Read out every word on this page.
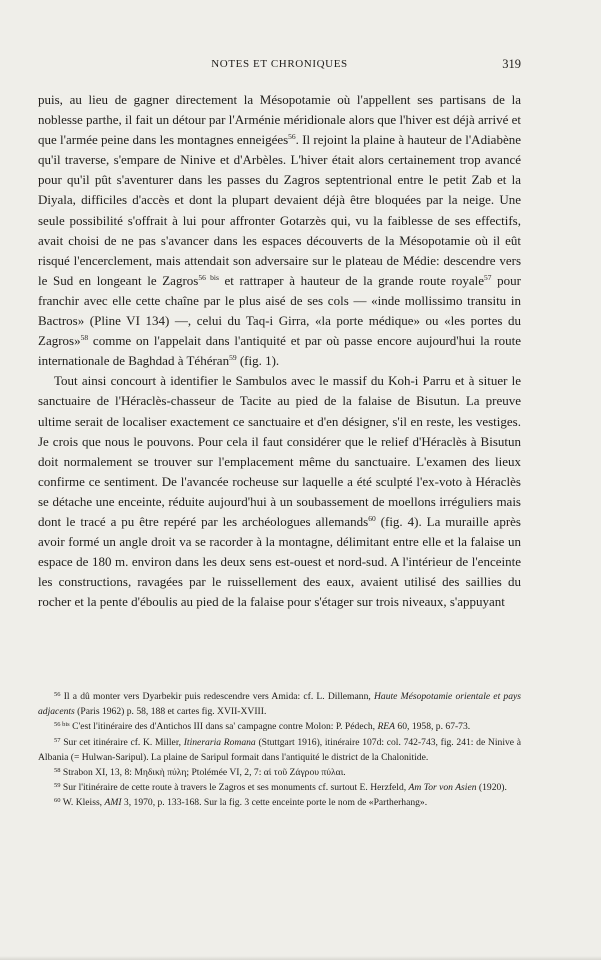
NOTES ET CHRONIQUES	319

puis, au lieu de gagner directement la Mésopotamie où l'appellent ses partisans de la noblesse parthe, il fait un détour par l'Arménie méridionale alors que l'hiver est déjà arrivé et que l'armée peine dans les montagnes enneigées$^{56}$. Il rejoint la plaine à hauteur de l'Adiabène qu'il traverse, s'empare de Ninive et d'Arbèles. L'hiver était alors certainement trop avancé pour qu'il pût s'aventurer dans les passes du Zagros septentrional entre le petit Zab et la Diyala, difficiles d'accès et dont la plupart devaient déjà être bloquées par la neige. Une seule possibilité s'offrait à lui pour affronter Gotarzès qui, vu la faiblesse de ses effectifs, avait choisi de ne pas s'avancer dans les espaces découverts de la Mésopotamie où il eût risqué l'encerclement, mais attendait son adversaire sur le plateau de Médie: descendre vers le Sud en longeant le Zagros$^{56 bis}$ et rattraper à hauteur de la grande route royale$^{57}$ pour franchir avec elle cette chaîne par le plus aisé de ses cols — «inde mollissimo transitu in Bactros» (Pline VI 134) —, celui du Taq-i Girra, «la porte médique» ou «les portes du Zagros»$^{58}$ comme on l'appelait dans l'antiquité et par où passe encore aujourd'hui la route internationale de Baghdad à Téhéran$^{59}$ (fig. 1).

Tout ainsi concourt à identifier le Sambulos avec le massif du Koh-i Parru et à situer le sanctuaire de l'Héraclès-chasseur de Tacite au pied de la falaise de Bisutun. La preuve ultime serait de localiser exactement ce sanctuaire et d'en désigner, s'il en reste, les vestiges. Je crois que nous le pouvons. Pour cela il faut considérer que le relief d'Héraclès à Bisutun doit normalement se trouver sur l'emplacement même du sanctuaire. L'examen des lieux confirme ce sentiment. De l'avancée rocheuse sur laquelle a été sculpté l'ex-voto à Héraclès se détache une enceinte, réduite aujourd'hui à un soubassement de moellons irréguliers mais dont le tracé a pu être repéré par les archéologues allemands$^{60}$ (fig. 4). La muraille après avoir formé un angle droit va se racorder à la montagne, délimitant entre elle et la falaise un espace de 180 m. environ dans les deux sens est-ouest et nord-sud. A l'intérieur de l'enceinte les constructions, ravagées par le ruissellement des eaux, avaient utilisé des saillies du rocher et la pente d'éboulis au pied de la falaise pour s'étager sur trois niveaux, s'appuyant

$^{56}$ Il a dû monter vers Dyarbekir puis redescendre vers Amida: cf. L. Dillemann, Haute Mésopotamie orientale et pays adjacents (Paris 1962) p. 58, 188 et cartes fig. XVII-XVIII.

$^{56 bis}$ C'est l'itinéraire des d'Antichos III dans sa' campagne contre Molon: P. Pédech, REA 60, 1958, p. 67-73.

$^{57}$ Sur cet itinéraire cf. K. Miller, Itineraria Romana (Stuttgart 1916), itinéraire 107d: col. 742-743, fig. 241: de Ninive à Albania (= Hulwan-Saripul). La plaine de Saripul formait dans l'antiquité le district de la Chalonitide.

$^{58}$ Strabon XI, 13, 8: Μηδικὴ πύλη; Ptolémée VI, 2, 7: αἱ τοῦ Ζάγρου πύλαι.

$^{59}$ Sur l'itinéraire de cette route à travers le Zagros et ses monuments cf. surtout E. Herzfeld, Am Tor von Asien (1920).

$^{60}$ W. Kleiss, AMI 3, 1970, p. 133-168. Sur la fig. 3 cette enceinte porte le nom de «Partherhang».
